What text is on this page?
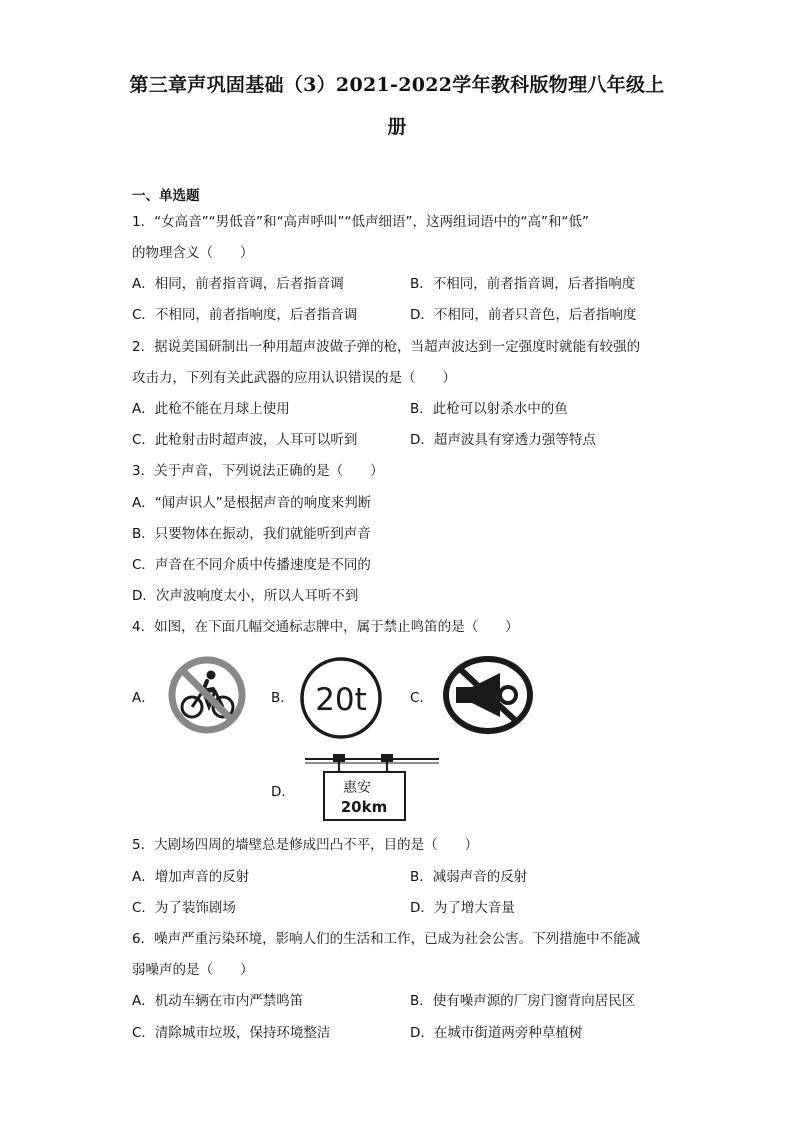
第三章声巩固基础（3）2021-2022学年教科版物理八年级上
册
一、单选题
1．“女高音”“男低音”和“高声呼叫”“低声细语”，这两组词语中的“高”和“低”
的物理含义（　　）
A．相同，前者指音调，后者指音调	B．不相同，前者指音调，后者指响度
C．不相同，前者指响度，后者指音调	D．不相同，前者只音色，后者指响度
2．据说美国研制出一种用超声波做子弹的枪，当超声波达到一定强度时就能有较强的
攻击力，下列有关此武器的应用认识错误的是（　　）
A．此枪不能在月球上使用	B．此枪可以射杀水中的鱼
C．此枪射击时超声波，人耳可以听到	D．超声波具有穿透力强等特点
3．关于声音，下列说法正确的是（　　）
A．“闻声识人”是根据声音的响度来判断
B．只要物体在振动，我们就能听到声音
C．声音在不同介质中传播速度是不同的
D．次声波响度太小，所以人耳听不到
4．如图，在下面几幅交通标志牌中，属于禁止鸣笛的是（　　）
A．	B． 20t	C．
D．	惠安
20km
5．大剧场四周的墙壁总是修成凹凸不平，目的是（　　）
A．增加声音的反射	B．减弱声音的反射
C．为了装饰剧场	D．为了增大音量
6．噪声严重污染环境，影响人们的生活和工作，已成为社会公害。下列措施中不能减
弱噪声的是（　　）
A．机动车辆在市内严禁鸣笛	B．使有噪声源的厂房门窗背向居民区
C．清除城市垃圾，保持环境整洁	D．在城市街道两旁种草植树
